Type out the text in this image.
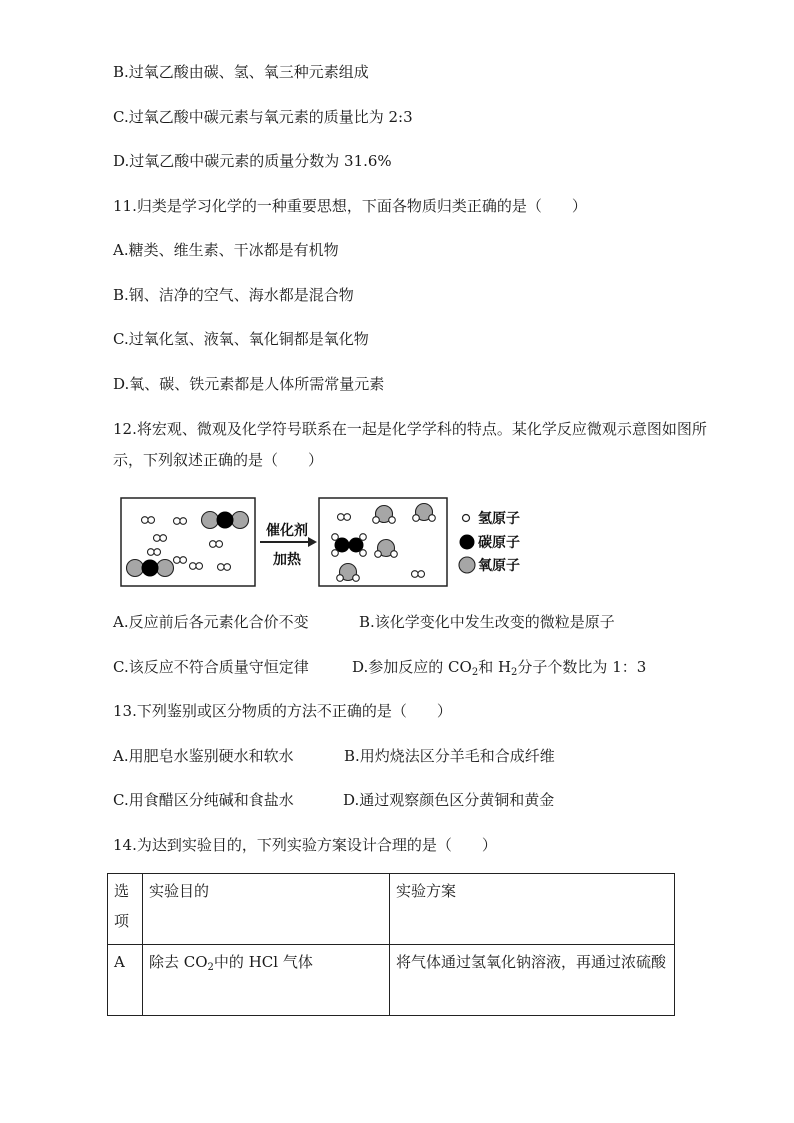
B.过氧乙酸由碳、氢、氧三种元素组成
C.过氧乙酸中碳元素与氧元素的质量比为 2:3
D.过氧乙酸中碳元素的质量分数为 31.6%
11.归类是学习化学的一种重要思想，下面各物质归类正确的是（　　）
A.糖类、维生素、干冰都是有机物
B.钢、洁净的空气、海水都是混合物
C.过氧化氢、液氧、氧化铜都是氧化物
D.氧、碳、铁元素都是人体所需常量元素
12.将宏观、微观及化学符号联系在一起是化学学科的特点。某化学反应微观示意图如图所
示，下列叙述正确的是（　　）
催化剂
加热
氢原子
碳原子
氧原子
A.反应前后各元素化合价不变	B.该化学变化中发生改变的微粒是原子
C.该反应不符合质量守恒定律	D.参加反应的 $CO_2$和 $H_2$分子个数比为 1：3
13.下列鉴别或区分物质的方法不正确的是（　　）
A.用肥皂水鉴别硬水和软水	B.用灼烧法区分羊毛和合成纤维
C.用食醋区分纯碱和食盐水	D.通过观察颜色区分黄铜和黄金
14.为达到实验目的，下列实验方案设计合理的是（　　）
选项	实验目的	实验方案
A	除去 $CO_2$中的 HCl 气体	将气体通过氢氧化钠溶液，再通过浓硫酸
